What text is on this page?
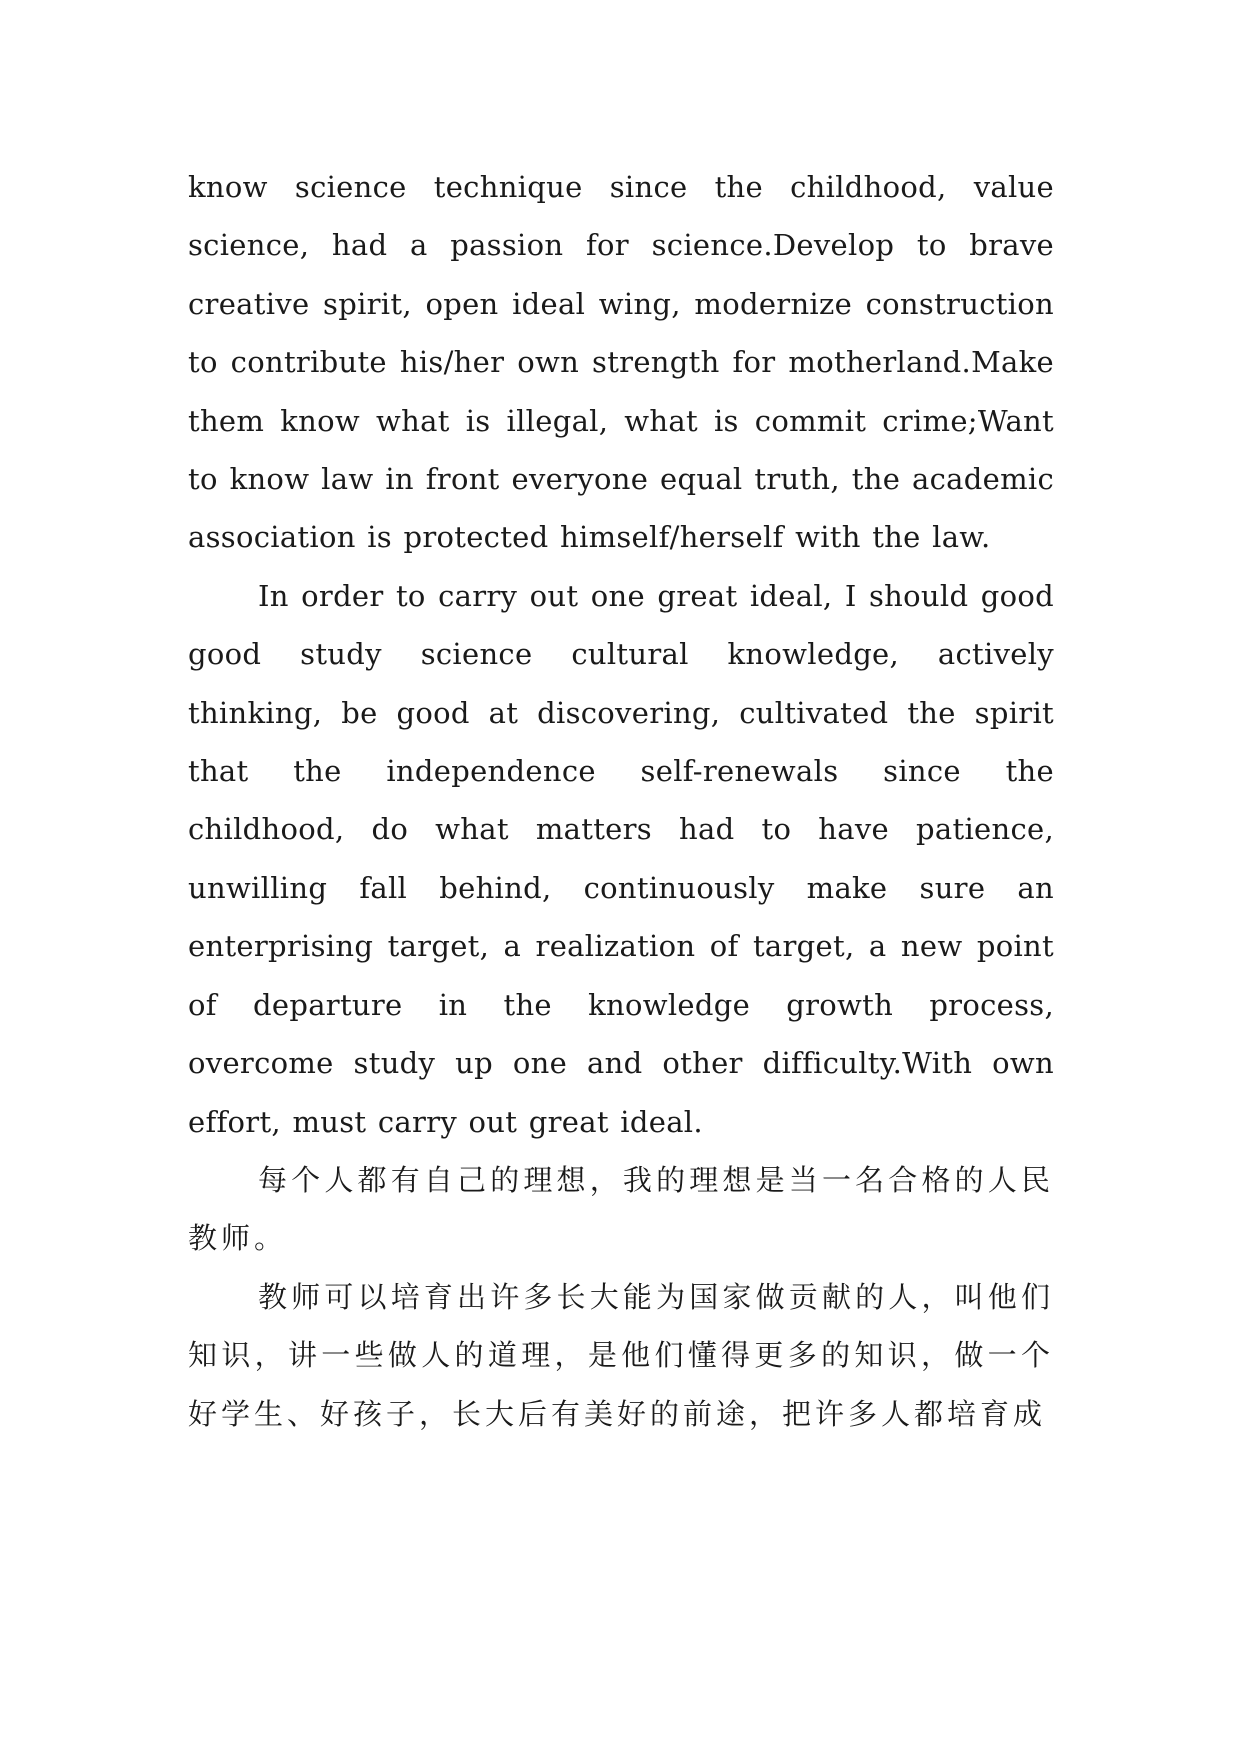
know science technique since the childhood, value science, had a passion for science.Develop to brave creative spirit, open ideal wing, modernize construction to contribute his/her own strength for motherland.Make them know what is illegal, what is commit crime;Want to know law in front everyone equal truth, the academic association is protected himself/herself with the law.

In order to carry out one great ideal, I should good good study science cultural knowledge, actively thinking, be good at discovering, cultivated the spirit that the independence self-renewals since the childhood, do what matters had to have patience, unwilling fall behind, continuously make sure an enterprising target, a realization of target, a new point of departure in the knowledge growth process, overcome study up one and other difficulty.With own effort, must carry out great ideal.

每个人都有自己的理想，我的理想是当一名合格的人民教师。

教师可以培育出许多长大能为国家做贡献的人，叫他们知识，讲一些做人的道理，是他们懂得更多的知识，做一个好学生、好孩子，长大后有美好的前途，把许多人都培育成
